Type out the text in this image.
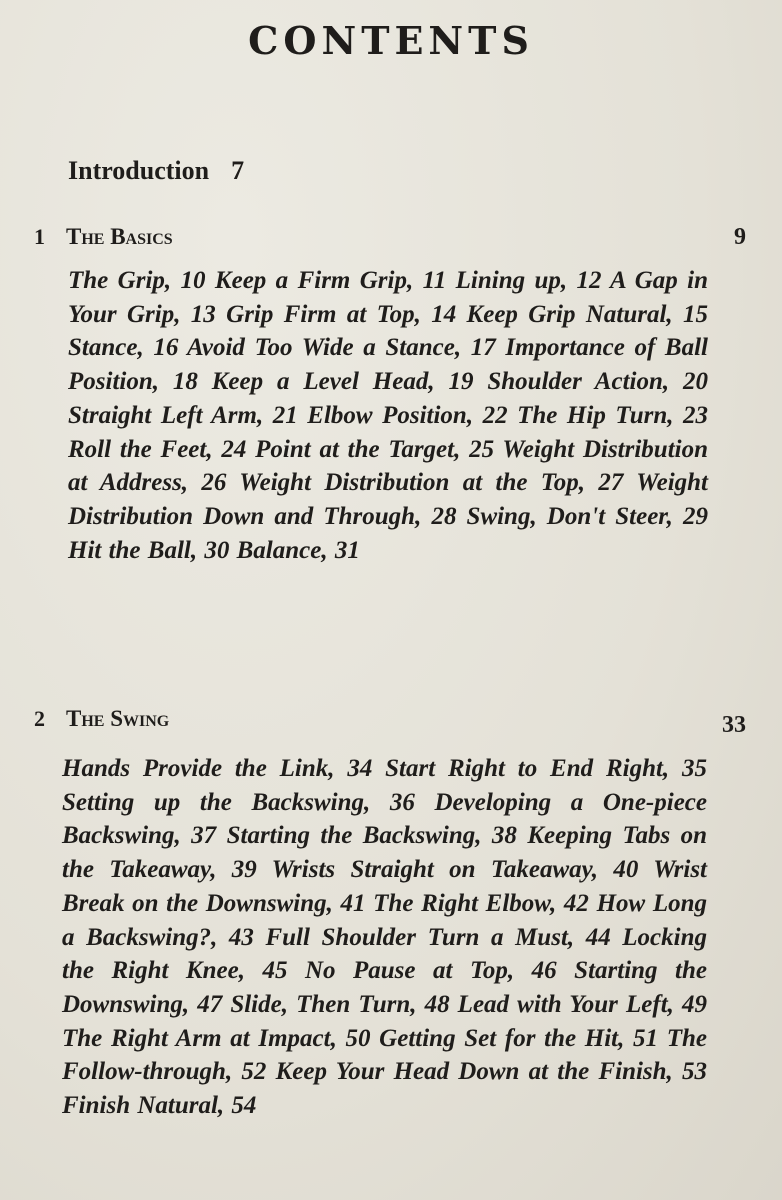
CONTENTS
Introduction 7
1 The Basics	9
The Grip, 10 Keep a Firm Grip, 11 Lining up, 12 A Gap in Your Grip, 13 Grip Firm at Top, 14 Keep Grip Natural, 15 Stance, 16 Avoid Too Wide a Stance, 17 Importance of Ball Position, 18 Keep a Level Head, 19 Shoulder Action, 20 Straight Left Arm, 21 Elbow Position, 22 The Hip Turn, 23 Roll the Feet, 24 Point at the Target, 25 Weight Distribution at Address, 26 Weight Distribution at the Top, 27 Weight Distribution Down and Through, 28 Swing, Don't Steer, 29 Hit the Ball, 30 Balance, 31
2 The Swing	33
Hands Provide the Link, 34 Start Right to End Right, 35 Setting up the Backswing, 36 Developing a One-piece Backswing, 37 Starting the Backswing, 38 Keeping Tabs on the Takeaway, 39 Wrists Straight on Takeaway, 40 Wrist Break on the Downswing, 41 The Right Elbow, 42 How Long a Backswing?, 43 Full Shoulder Turn a Must, 44 Locking the Right Knee, 45 No Pause at Top, 46 Starting the Downswing, 47 Slide, Then Turn, 48 Lead with Your Left, 49 The Right Arm at Impact, 50 Getting Set for the Hit, 51 The Follow-through, 52 Keep Your Head Down at the Finish, 53 Finish Natural, 54
